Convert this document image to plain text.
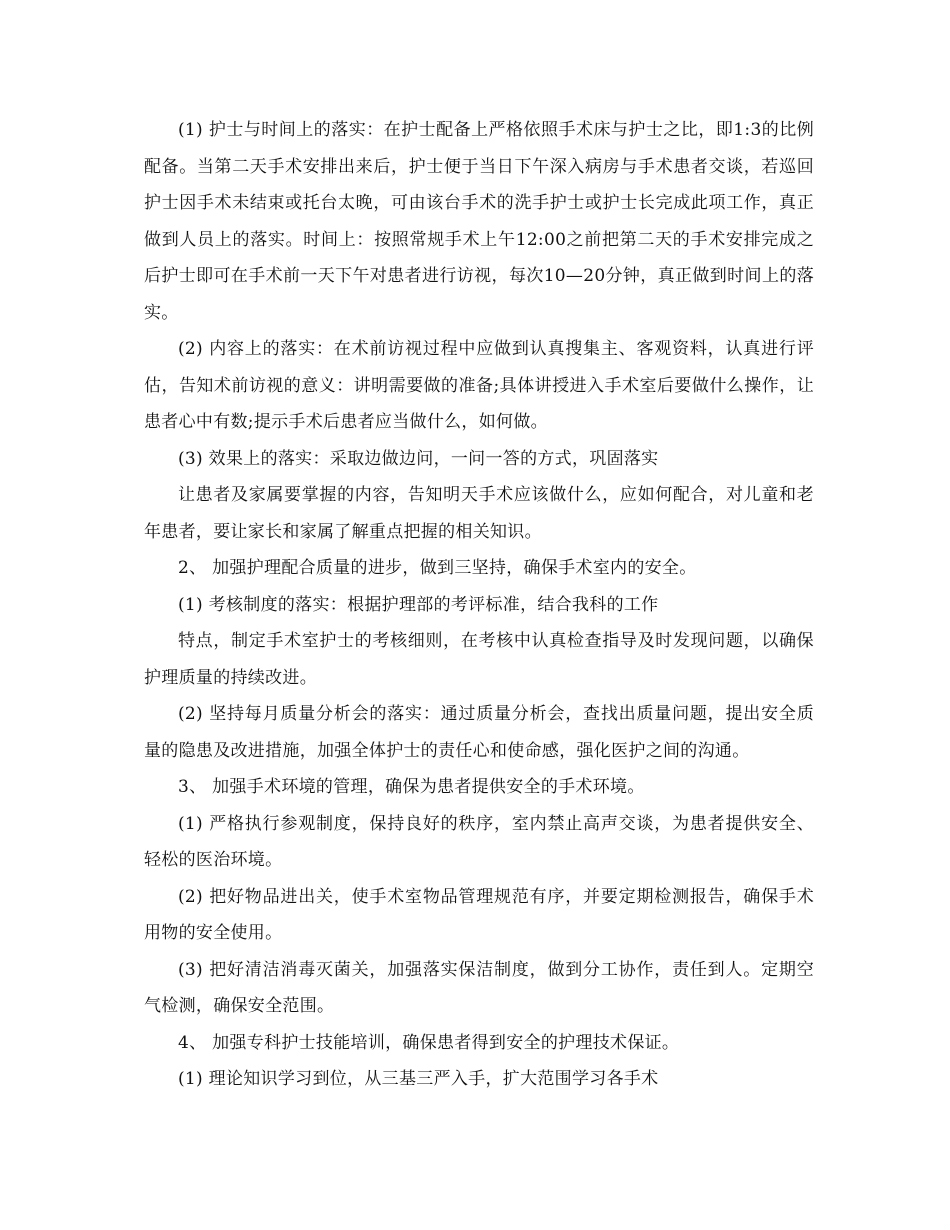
(1) 护士与时间上的落实：在护士配备上严格依照手术床与护士之比，即1:3的比例配备。当第二天手术安排出来后，护士便于当日下午深入病房与手术患者交谈，若巡回护士因手术未结束或托台太晚，可由该台手术的洗手护士或护士长完成此项工作，真正做到人员上的落实。时间上：按照常规手术上午12:00之前把第二天的手术安排完成之后护士即可在手术前一天下午对患者进行访视，每次10—20分钟，真正做到时间上的落实。

(2) 内容上的落实：在术前访视过程中应做到认真搜集主、客观资料，认真进行评估，告知术前访视的意义：讲明需要做的准备;具体讲授进入手术室后要做什么操作，让患者心中有数;提示手术后患者应当做什么，如何做。

(3) 效果上的落实：采取边做边问，一问一答的方式，巩固落实

让患者及家属要掌握的内容，告知明天手术应该做什么，应如何配合，对儿童和老年患者，要让家长和家属了解重点把握的相关知识。

2、 加强护理配合质量的进步，做到三坚持，确保手术室内的安全。

(1) 考核制度的落实：根据护理部的考评标准，结合我科的工作

特点，制定手术室护士的考核细则，在考核中认真检查指导及时发现问题，以确保护理质量的持续改进。

(2) 坚持每月质量分析会的落实：通过质量分析会，查找出质量问题，提出安全质量的隐患及改进措施，加强全体护士的责任心和使命感，强化医护之间的沟通。

3、 加强手术环境的管理，确保为患者提供安全的手术环境。

(1) 严格执行参观制度，保持良好的秩序，室内禁止高声交谈，为患者提供安全、轻松的医治环境。

(2) 把好物品进出关，使手术室物品管理规范有序，并要定期检测报告，确保手术用物的安全使用。

(3) 把好清洁消毒灭菌关，加强落实保洁制度，做到分工协作，责任到人。定期空气检测，确保安全范围。

4、 加强专科护士技能培训，确保患者得到安全的护理技术保证。

(1) 理论知识学习到位，从三基三严入手，扩大范围学习各手术
